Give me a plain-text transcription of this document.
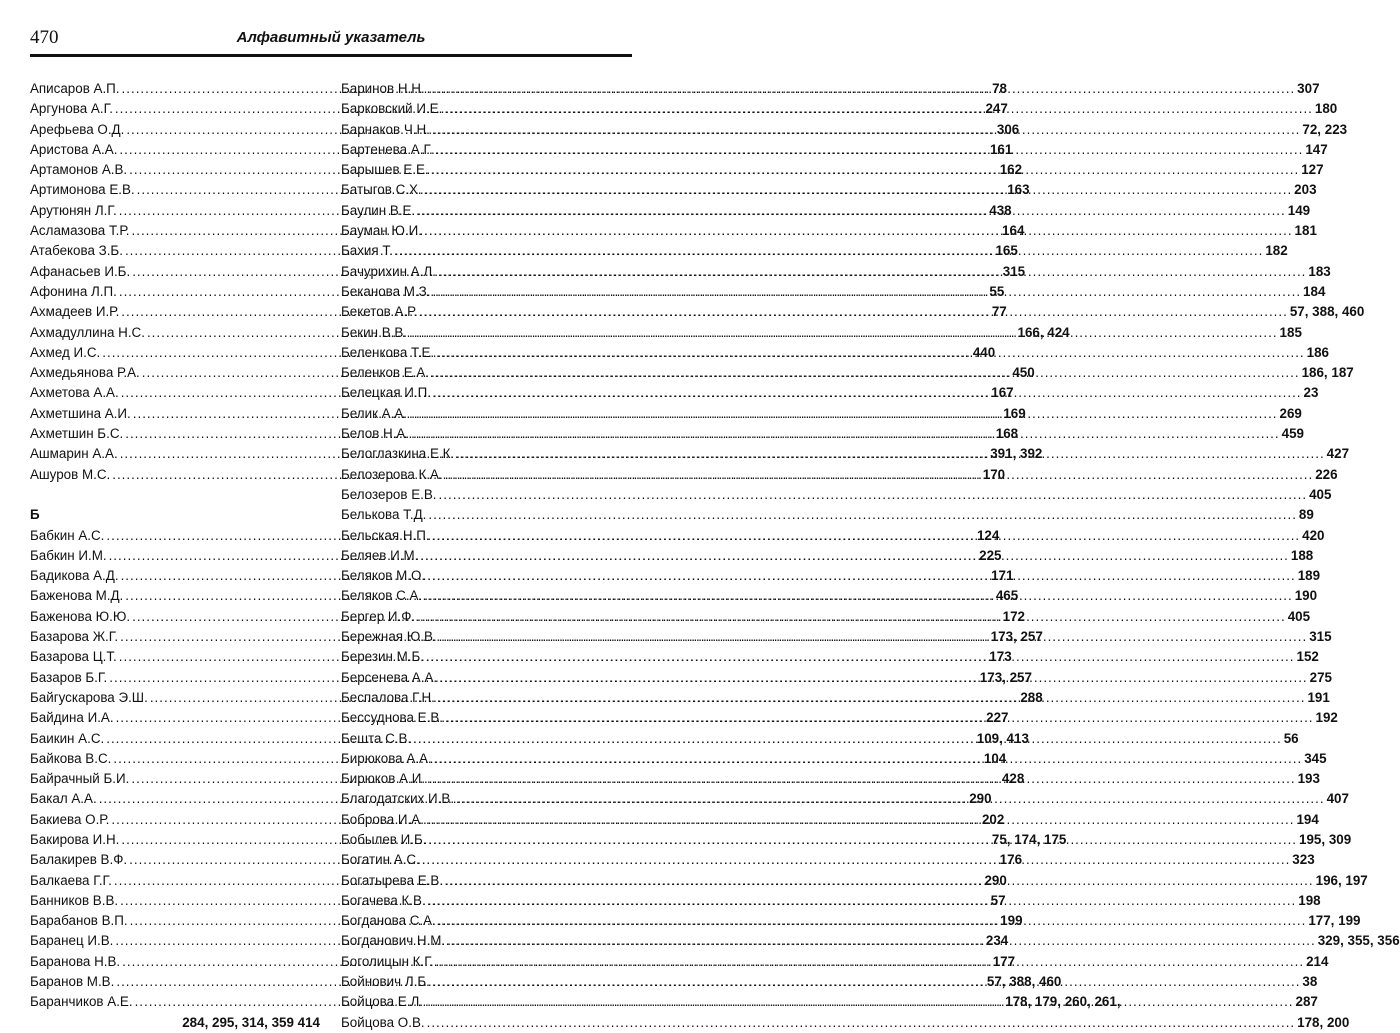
470	Алфавитный указатель
Аписаров А.П. .....	78
Аргунова А.Г. .....	247
Арефьева О.Д. .....	306
Аристова А.А. .....	161
Артамонов А.В. .....	162
Артимонова Е.В. .....	163
Арутюнян Л.Г. .....	438
Асламазова Т.Р. .....	164
Атабекова З.Б. .....	165
Афанасьев И.Б. .....	315
Афонина Л.П. .....	55
Ахмадеев И.Р. .....	77
Ахмадуллина Н.С. .....	166, 424
Ахмед И.С. .....	440
Ахмедьянова Р.А. .....	450
Ахметова А.А. .....	167
Ахметшина А.И. .....	169
Ахметшин Б.С. .....	168
Ашмарин А.А. .....	391, 392
Ашуров М.С. .....	170
Б
Бабкин А.С. .....	124
Бабкин И.М. .....	225
Бадикова А.Д. .....	171
Баженова М.Д. .....	465
Баженова Ю.Ю. .....	172
Базарова Ж.Г. .....	173, 257
Базарова Ц.Т. .....	173
Базаров Б.Г. .....	173, 257
Байгускарова Э.Ш. .....	288
Байдина И.А. .....	227
Баикин А.С. .....	109, 413
Байкова В.С. .....	104
Байрачный Б.И. .....	428
Бакал А.А. .....	290
Бакиева О.Р. .....	202
Бакирова И.Н. .....	75, 174, 175
Балакирев В.Ф. .....	176
Балкаева Г.Г. .....	290
Банников В.В. .....	57
Барабанов В.П. .....	199
Баранец И.В. .....	234
Баранова Н.В. .....	177
Баранов М.В. .....	57, 388, 460
Баранчиков А.Е. .....	178, 179, 260, 261,
284, 295, 314, 359 414
Баринов Н.Н. .....	307
Барковский И.Е. .....	180
Барнаков Ч.Н. .....	72, 223
Бартенева А.Г. .....	147
Барышев Е.Е. .....	127
Батыгов С.Х. .....	203
Баулин В.Е. .....	149
Бауман Ю.И. .....	181
Бахия Т. .....	182
Бачурихин А.Л. .....	183
Беканова М.З. .....	184
Бекетов А.Р. .....	57, 388, 460
Бекин В.В. .....	185
Беленкова Т.Е. .....	186
Беленков Е.А. .....	186, 187
Белецкая И.П. .....	23
Белик А.А. .....	269
Белов Н.А. .....	459
Белоглазкина Е.К. .....	427
Белозерова К.А. .....	226
Белозеров Е.В. .....	405
Белькова Т.Д. .....	89
Бельская Н.П. .....	420
Беляев И.М. .....	188
Беляков М.О. .....	189
Беляков С.А. .....	190
Бергер И.Ф. .....	405
Бережная Ю.В. .....	315
Березин М.Б. .....	152
Берсенева А.А. .....	275
Беспалова Г.Н. .....	191
Бессуднова Е.В. .....	192
Бешта С.В. .....	56
Бирюкова А.А. .....	345
Бирюков А.И. .....	193
Благодатских И.В. .....	407
Боброва И.А. .....	194
Бобылев И.Б. .....	195, 309
Богатин А.С. .....	323
Богатырева Е.В. .....	196, 197
Богачева К.В. .....	198
Богданова С.А. .....	177, 199
Богданович Н.М. .....	329, 355, 356
Боголицын К.Г. .....	214
Бойнович Л.Б. .....	38
Бойцова Е.Л. .....	287
Бойцова О.В. .....	178, 200
